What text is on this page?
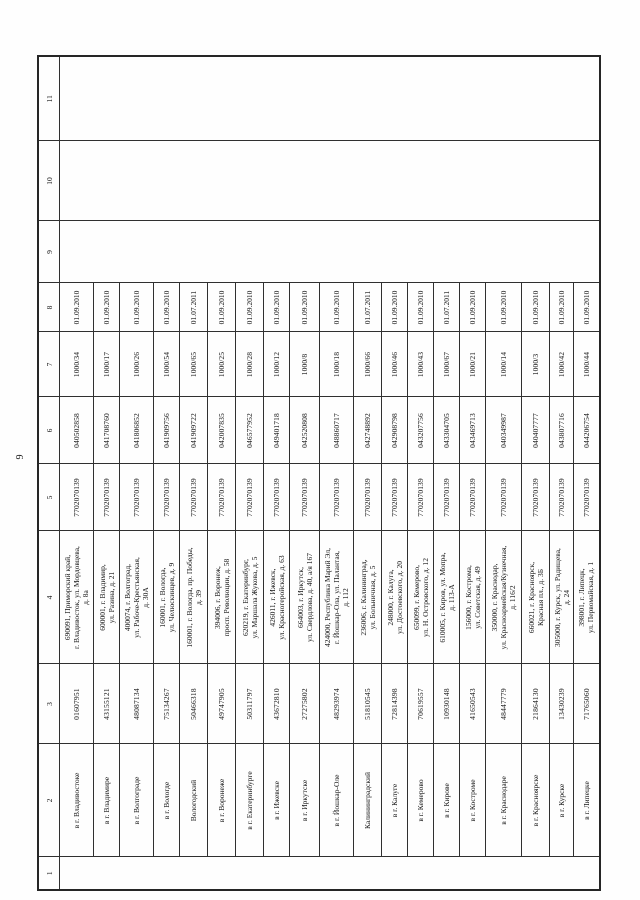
9
1	2	3	4	5	6	7	8	9	10	11
	в г. Владивостоке	01607951	690091, Приморский край, г. Владивосток, ул. Мордовцева, д. 8а	7702070139	040502858	1000/34	01.09.2010			
	в г. Владимире	43155121	600001, г. Владимир, ул. Разина, д. 21	7702070139	041708760	1000/17	01.09.2010			
	в г. Волгограде	48087134	400074, г. Волгоград, ул. Рабоче-Крестьянская, д. 30А	7702070139	041806852	1000/26	01.09.2010			
	в г. Вологде	75134267	160001, г. Вологда, ул. Челюскинцев, д. 9	7702070139	041909756	1000/54	01.09.2010			
	Вологодский	50466318	160001, г. Вологда, пр. Победы, д. 39	7702070139	041909722	1000/65	01.07.2011			
	в г. Воронеже	49747905	394006, г. Воронеж, просп. Революции, д. 58	7702070139	042007835	1000/25	01.09.2010			
	в г. Екатеринбурге	50311797	620219, г. Екатеринбург, ул. Маршала Жукова, д. 5	7702070139	046577952	1000/28	01.09.2010			
	в г. Ижевске	43672810	426011, г. Ижевск, ул. Красногеройская, д. 63	7702070139	049401718	1000/12	01.09.2010			
	в г. Иркутске	27275802	664003, г. Иркутск, ул. Свердлова, д. 40, а/я 167	7702070139	042520808	1000/8	01.09.2010			
	в г. Йошкар-Оле	48293974	424000, Республика Марий Эл, г. Йошкар-Ола, ул. Палантая, д. 112	7702070139	048860717	1000/18	01.09.2010			
	Калининградский	51810545	236006, г. Калининград, ул. Больничная, д. 5	7702070139	042748892	1000/66	01.07.2011			
	в г. Калуге	72814398	248000, г. Калуга, ул. Достоевского, д. 20	7702070139	042908798	1000/46	01.09.2010			
	в г. Кемерово	70619557	650099, г. Кемерово, ул. Н. Островского, д. 12	7702070139	043207756	1000/43	01.09.2010			
	в г. Кирове	10930148	610005, г. Киров, ул. Мопра, д. 113-А	7702070139	043304705	1000/67	01.07.2011			
	в г. Костроме	41650543	156000, г. Кострома, ул. Советская, д. 49	7702070139	043469713	1000/21	01.09.2010			
	в г. Краснодаре	48447779	350000, г. Краснодар, ул. Красноармейская/Кузнечная, д. 116/2	7702070139	040349987	1000/14	01.09.2010			
	в г. Красноярске	21864130	660021, г. Красноярск, Красная пл., д. 3Б	7702070139	040407777	1000/3	01.09.2010			
	в г. Курске	13430239	305000, г. Курск, ул. Радищева, д. 24	7702070139	043807716	1000/42	01.09.2010			
	в г. Липецке	71765060	398001, г. Липецк, ул. Первомайская, д. 1	7702070139	044206754	1000/44	01.09.2010			
